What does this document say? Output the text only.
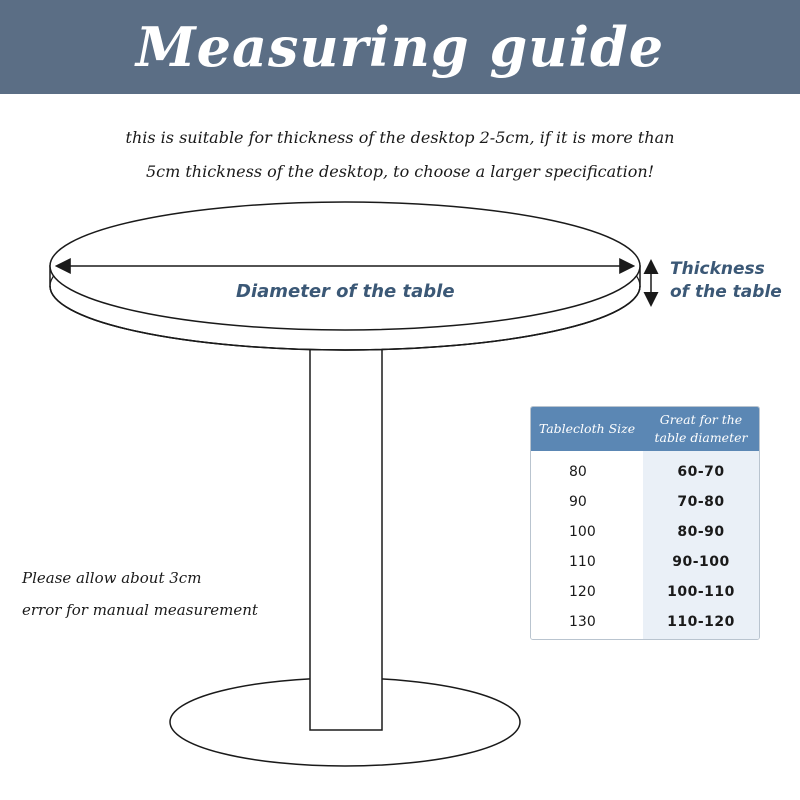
Measuring guide
this is suitable for thickness of the desktop 2-5cm, if it is more than
5cm thickness of the desktop, to choose a larger specification!
Diameter of the table
Thickness
of the table
Please allow about 3cm
error for manual measurement
Tablecloth Size
Great for the
table diameter
80
90
100
110
120
130
60-70
70-80
80-90
90-100
100-110
110-120
